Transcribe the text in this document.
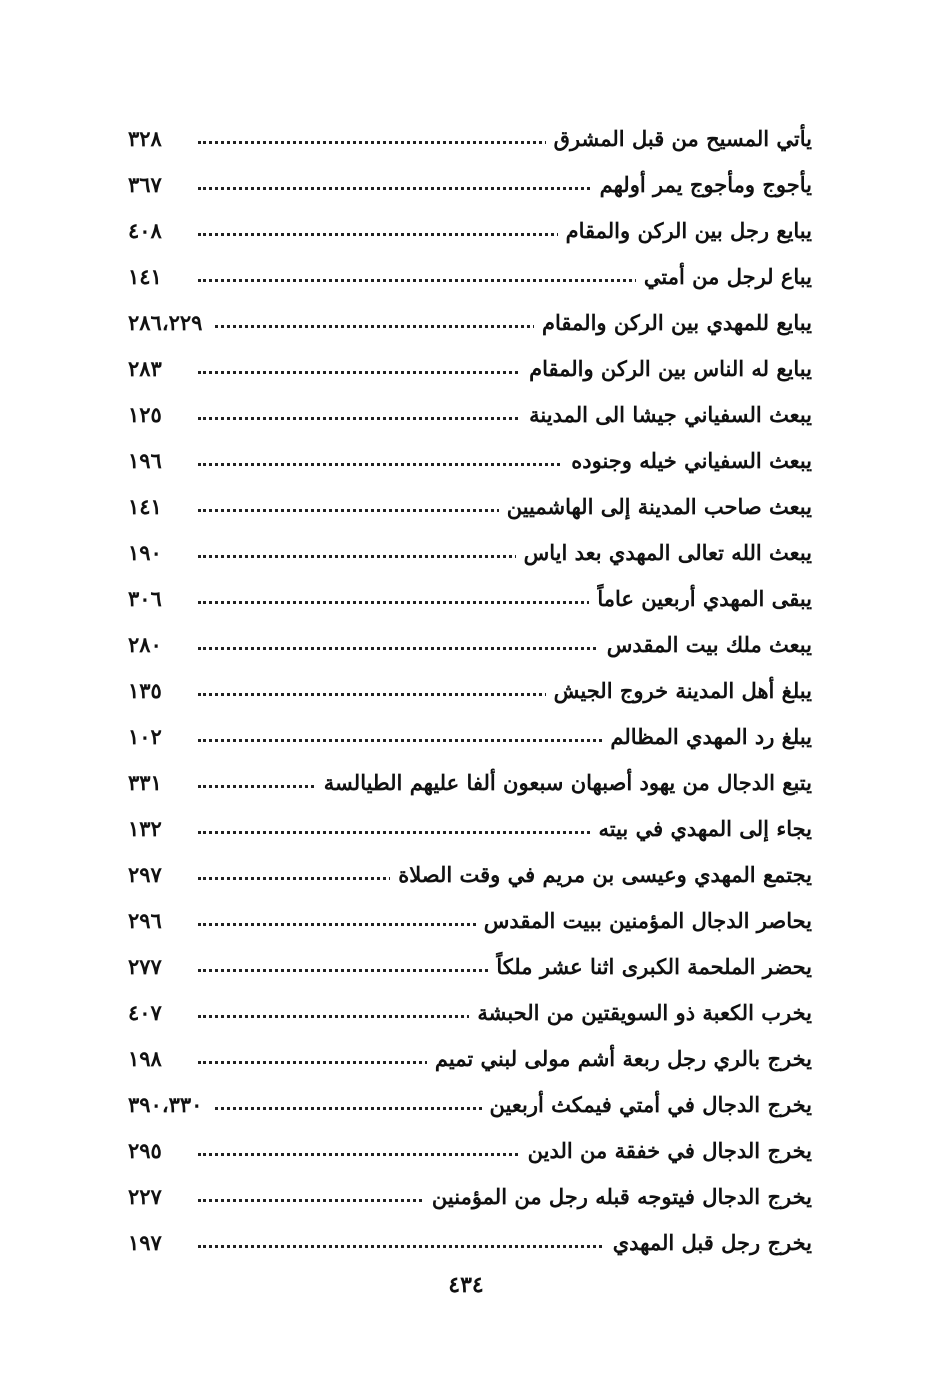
يأتي المسيح من قبل المشرق
٣٢٨
يأجوج ومأجوج يمر أولهم
٣٦٧
يبايع رجل بين الركن والمقام
٤٠٨
يباع لرجل من أمتي
١٤١
يبايع للمهدي بين الركن والمقام
٢٨٦،٢٢٩
يبايع له الناس بين الركن والمقام
٢٨٣
يبعث السفياني جيشا الى المدينة
١٢٥
يبعث السفياني خيله وجنوده
١٩٦
يبعث صاحب المدينة إلى الهاشميين
١٤١
يبعث الله تعالى المهدي بعد اياس
١٩٠
يبقى المهدي أربعين عاماً
٣٠٦
يبعث ملك بيت المقدس
٢٨٠
يبلغ أهل المدينة خروج الجيش
١٣٥
يبلغ رد المهدي المظالم
١٠٢
يتبع الدجال من يهود أصبهان سبعون ألفا عليهم الطيالسة
٣٣١
يجاء إلى المهدي في بيته
١٣٢
يجتمع المهدي وعيسى بن مريم في وقت الصلاة
٢٩٧
يحاصر الدجال المؤمنين ببيت المقدس
٢٩٦
يحضر الملحمة الكبرى اثنا عشر ملكاً
٢٧٧
يخرب الكعبة ذو السويقتين من الحبشة
٤٠٧
يخرج بالري رجل ربعة أشم مولى لبني تميم
١٩٨
يخرج الدجال في أمتي فيمكث أربعين
٣٩٠،٣٣٠
يخرج الدجال في خفقة من الدين
٢٩٥
يخرج الدجال فيتوجه قبله رجل من المؤمنين
٢٢٧
يخرج رجل قبل المهدي
١٩٧
٤٣٤
